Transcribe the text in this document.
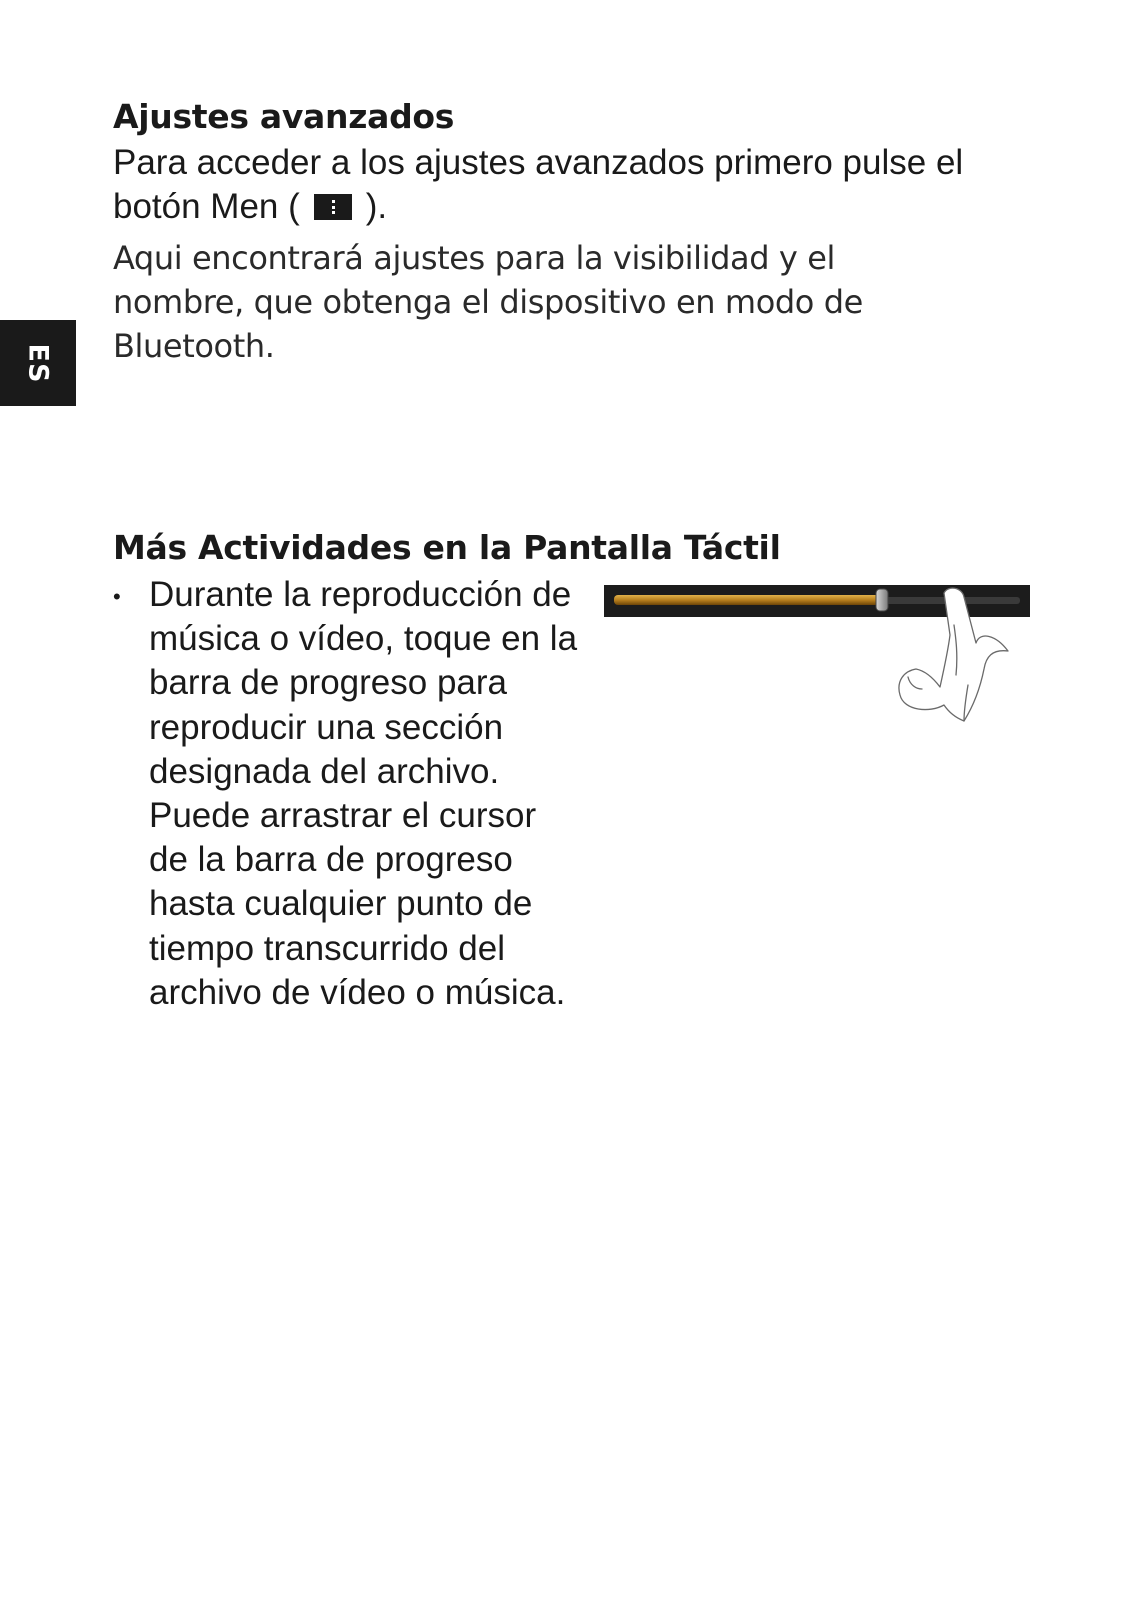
ES
Ajustes avanzados

Para acceder a los ajustes avanzados primero pulse el botón Men ( ).

Aqui encontrará ajustes para la visibilidad y el nombre, que obtenga el dispositivo en modo de Bluetooth.

Más Actividades en la Pantalla Táctil
• Durante la reproducción de música o vídeo, toque en la barra de progreso para reproducir una sección designada del archivo. Puede arrastrar el cursor de la barra de progreso hasta cualquier punto de tiempo transcurrido del archivo de vídeo o música.
